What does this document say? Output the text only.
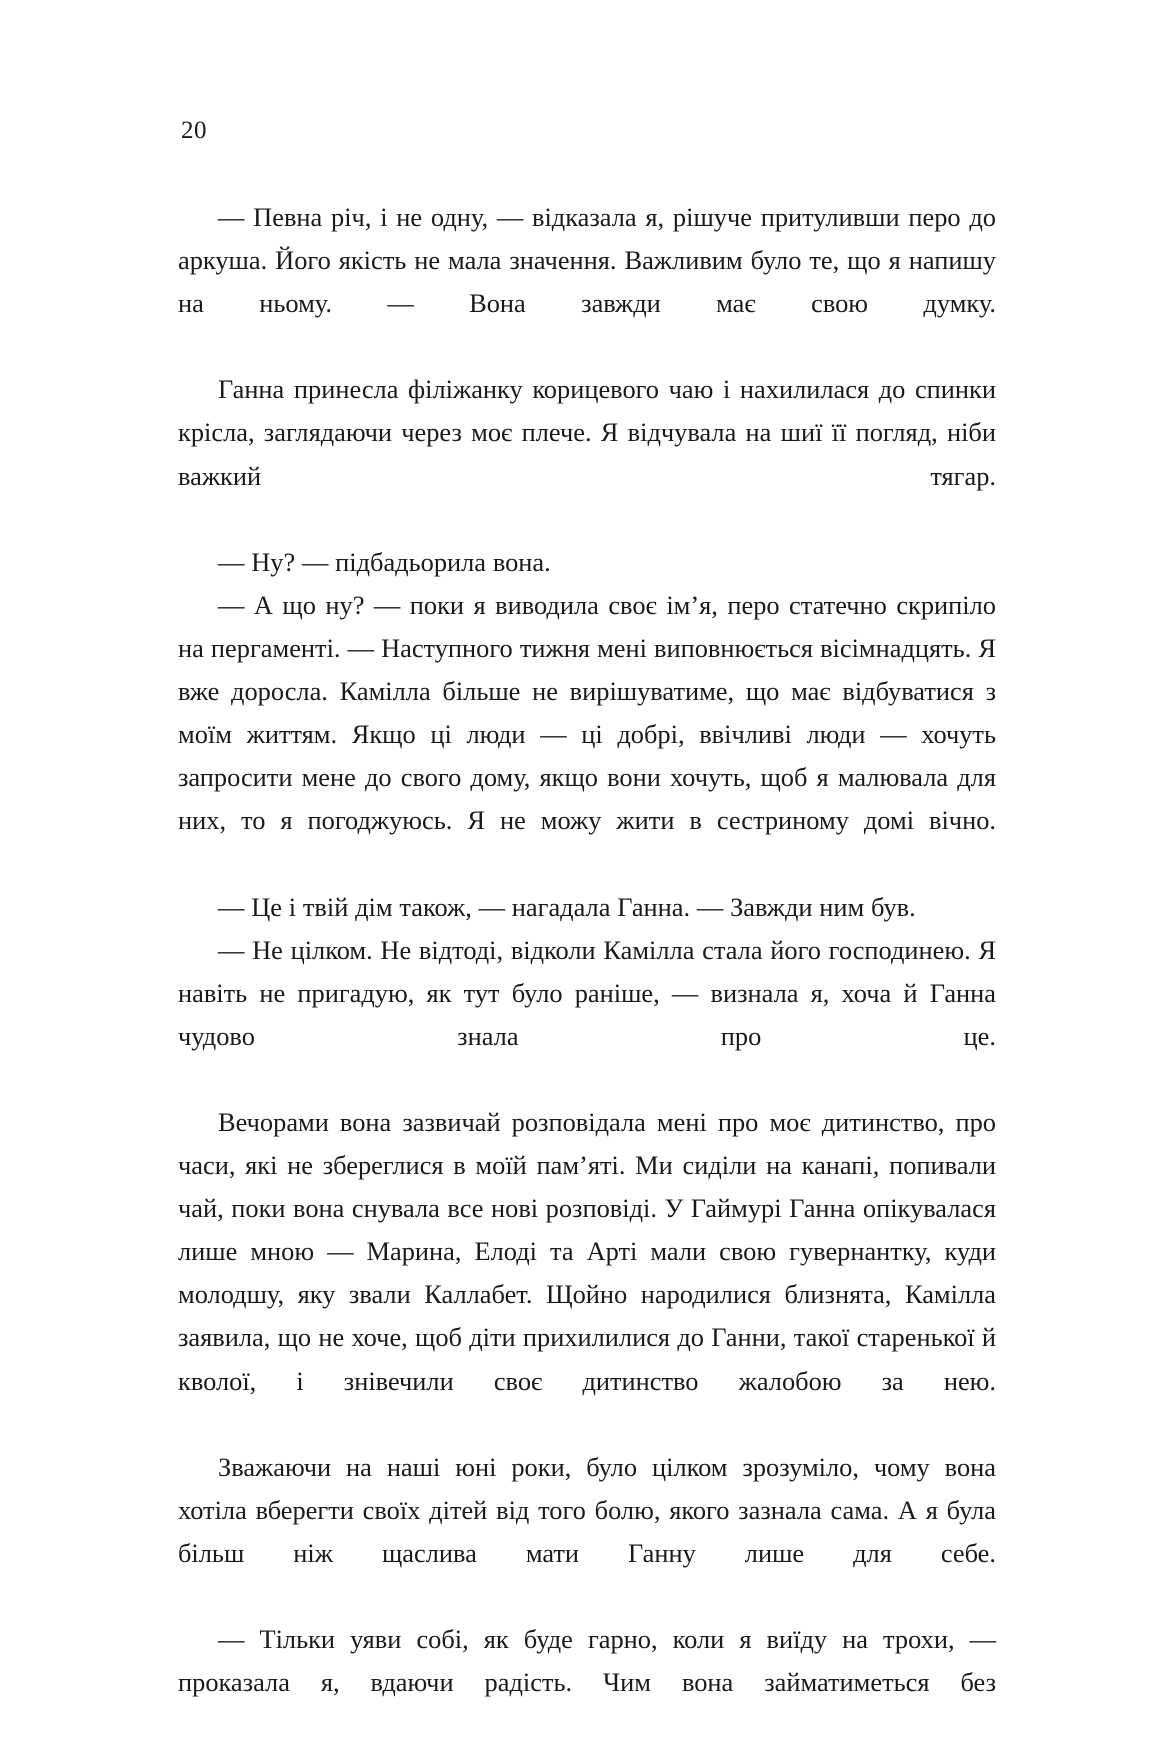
20

— Певна річ, і не одну, — відказала я, рішуче притуливши перо до аркуша. Його якість не мала значення. Важливим було те, що я напишу на ньому. — Вона завжди має свою думку.

Ганна принесла філіжанку корицевого чаю і нахилилася до спинки крісла, заглядаючи через моє плече. Я відчувала на шиї її погляд, ніби важкий тягар.

— Ну? — підбадьорила вона.

— А що ну? — поки я виводила своє ім’я, перо статечно скрипіло на пергаменті. — Наступного тижня мені виповнюється вісімнадцять. Я вже доросла. Камілла більше не вирішуватиме, що має відбуватися з моїм життям. Якщо ці люди — ці добрі, ввічливі люди — хочуть запросити мене до свого дому, якщо вони хочуть, щоб я малювала для них, то я погоджуюсь. Я не можу жити в сестриному домі вічно.

— Це і твій дім також, — нагадала Ганна. — Завжди ним був.

— Не цілком. Не відтоді, відколи Камілла стала його господинею. Я навіть не пригадую, як тут було раніше, — визнала я, хоча й Ганна чудово знала про це.

Вечорами вона зазвичай розповідала мені про моє дитинство, про часи, які не збереглися в моїй пам’яті. Ми сиділи на канапі, попивали чай, поки вона снувала все нові розповіді. У Гаймурі Ганна опікувалася лише мною — Марина, Елоді та Арті мали свою гувернантку, куди молодшу, яку звали Каллабет. Щойно народилися близнята, Камілла заявила, що не хоче, щоб діти прихилилися до Ганни, такої стapенької й кволої, і знівечили своє дитинство жалобою за нею.

Зважаючи на наші юні роки, було цілком зрозуміло, чому вона хотіла вберегти своїх дітей від того болю, якого зазнала сама. А я була більш ніж щаслива мати Ганну лише для себе.

— Тільки уяви собі, як буде гарно, коли я виїду на трохи, — проказала я, вдаючи радість. Чим вона займатиметься без
